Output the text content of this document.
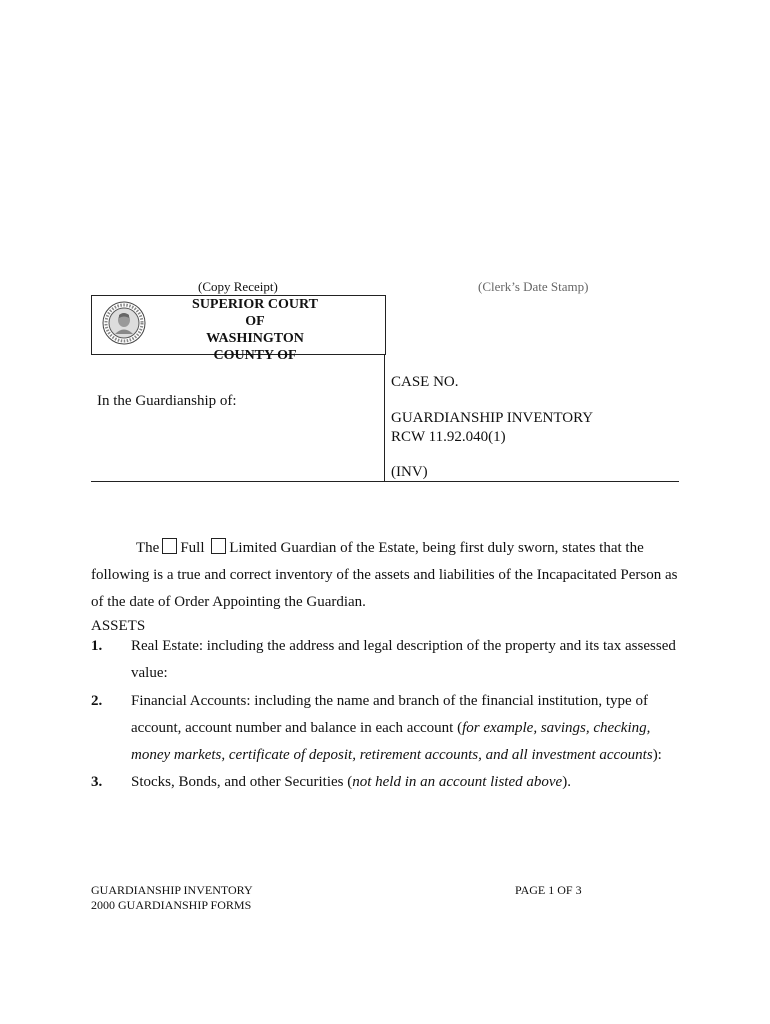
(Copy Receipt)	(Clerk’s Date Stamp)
SUPERIOR COURT OF
WASHINGTON
COUNTY OF
In the Guardianship of:
CASE NO.
GUARDIANSHIP INVENTORY
RCW 11.92.040(1)
(INV)
The Full Limited Guardian of the Estate, being first duly sworn, states that the following is a true and correct inventory of the assets and liabilities of the Incapacitated Person as of the date of Order Appointing the Guardian.
ASSETS
1. Real Estate: including the address and legal description of the property and its tax assessed value:
2. Financial Accounts: including the name and branch of the financial institution, type of account, account number and balance in each account (for example, savings, checking, money markets, certificate of deposit, retirement accounts, and all investment accounts):
3. Stocks, Bonds, and other Securities (not held in an account listed above).
GUARDIANSHIP INVENTORY
2000 GUARDIANSHIP FORMS
PAGE 1 OF 3
